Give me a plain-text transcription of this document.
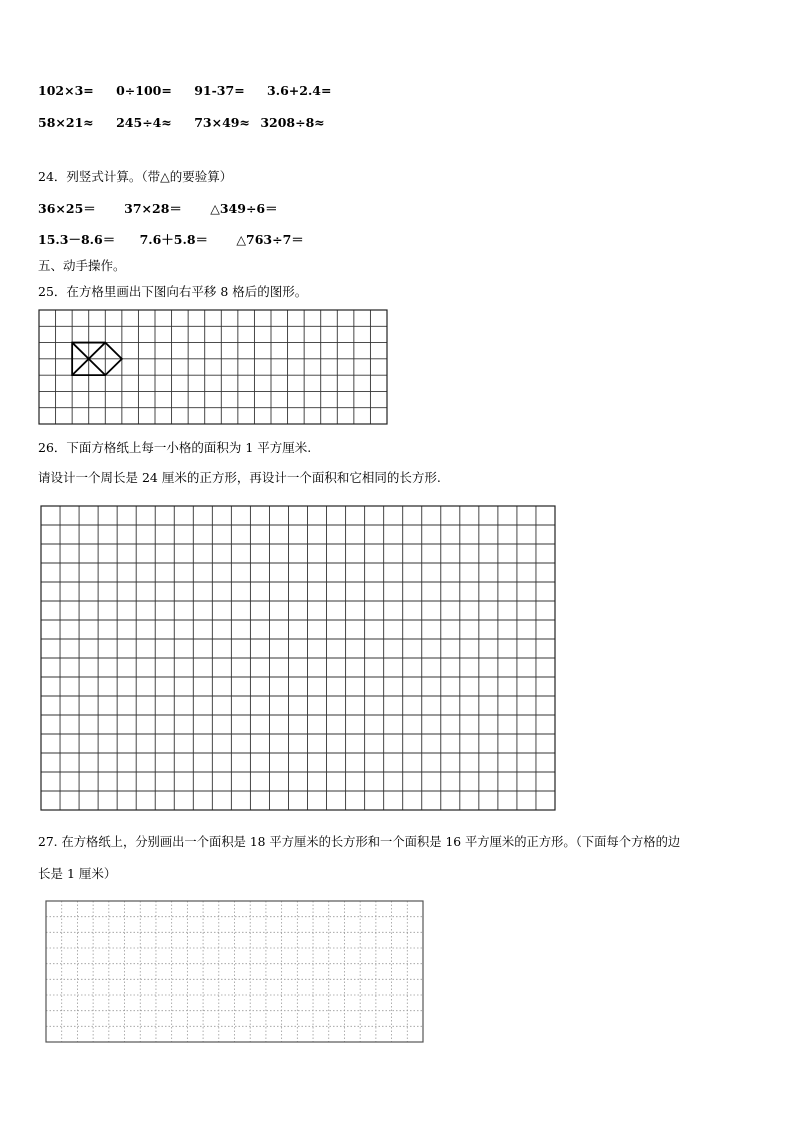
102×3= 0÷100= 91-37= 3.6+2.4=
58×21≈ 245÷4≈ 73×49≈ 3208÷8≈
24．列竖式计算。（带△的要验算）
36×25＝ 37×28＝ △349÷6＝
15.3－8.6＝ 7.6＋5.8＝ △763÷7＝
五、动手操作。
25．在方格里画出下图向右平移 8 格后的图形。
26．下面方格纸上每一小格的面积为 1 平方厘米.
请设计一个周长是 24 厘米的正方形，再设计一个面积和它相同的长方形.
27. 在方格纸上，分别画出一个面积是 18 平方厘米的长方形和一个面积是 16 平方厘米的正方形。（下面每个方格的边
长是 1 厘米）
